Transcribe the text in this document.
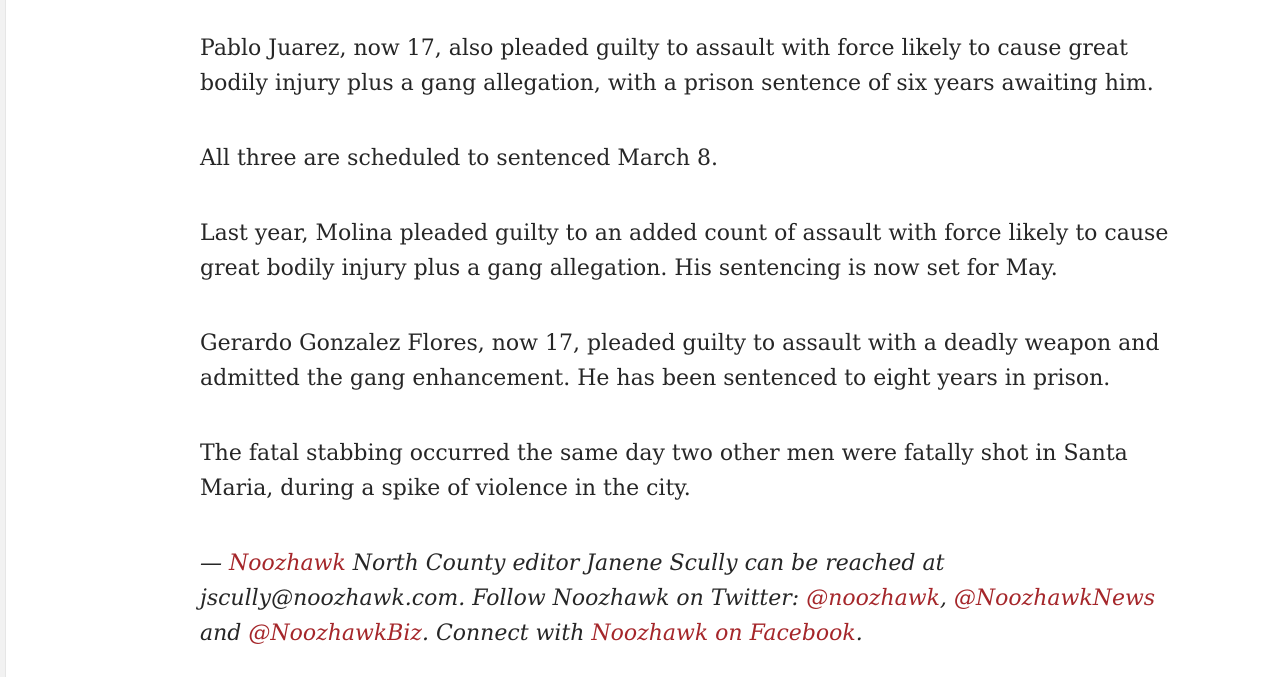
Pablo Juarez, now 17, also pleaded guilty to assault with force likely to cause great bodily injury plus a gang allegation, with a prison sentence of six years awaiting him.

All three are scheduled to sentenced March 8.

Last year, Molina pleaded guilty to an added count of assault with force likely to cause great bodily injury plus a gang allegation. His sentencing is now set for May.

Gerardo Gonzalez Flores, now 17, pleaded guilty to assault with a deadly weapon and admitted the gang enhancement. He has been sentenced to eight years in prison.

The fatal stabbing occurred the same day two other men were fatally shot in Santa Maria, during a spike of violence in the city.

— Noozhawk North County editor Janene Scully can be reached at jscully@noozhawk.com. Follow Noozhawk on Twitter: @noozhawk, @NoozhawkNews and @NoozhawkBiz. Connect with Noozhawk on Facebook.
